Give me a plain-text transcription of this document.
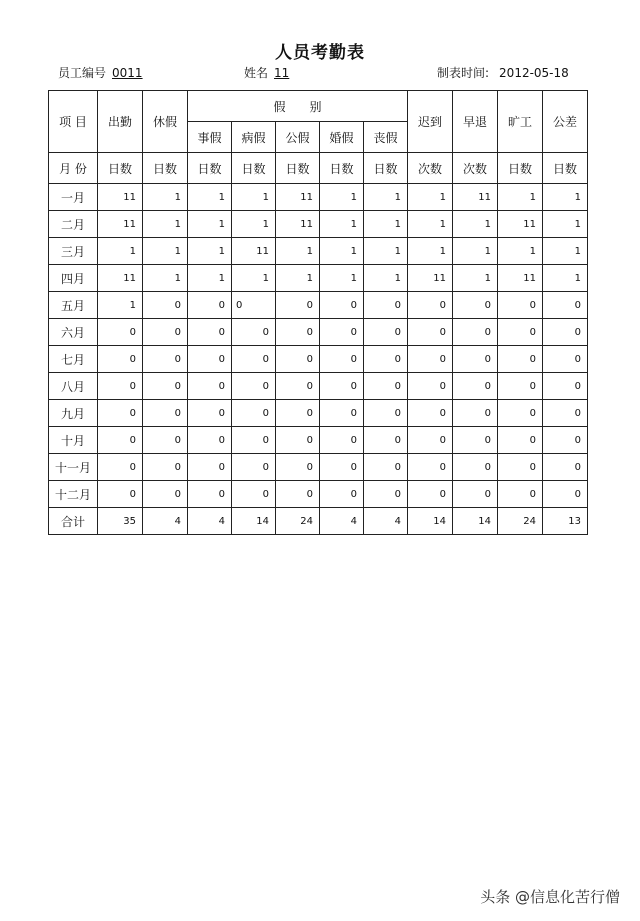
人员考勤表
员工编号 0011	姓名 11	制表时间: 2012-05-18
项 目	出勤	休假	假　　别					迟到	早退	旷工	公差
			事假	病假	公假	婚假	丧假				
月 份	日数	日数	日数	日数	日数	日数	日数	次数	次数	日数	日数
一月	11	1	1	1	11	1	1	1	11	1	1
二月	11	1	1	1	11	1	1	1	1	11	1
三月	1	1	1	11	1	1	1	1	1	1	1
四月	11	1	1	1	1	1	1	11	1	11	1
五月	1	0	0	0	0	0	0	0	0	0	0
六月	0	0	0	0	0	0	0	0	0	0	0
七月	0	0	0	0	0	0	0	0	0	0	0
八月	0	0	0	0	0	0	0	0	0	0	0
九月	0	0	0	0	0	0	0	0	0	0	0
十月	0	0	0	0	0	0	0	0	0	0	0
十一月	0	0	0	0	0	0	0	0	0	0	0
十二月	0	0	0	0	0	0	0	0	0	0	0
合计	35	4	4	14	24	4	4	14	14	24	13
头条 @信息化苦行僧
